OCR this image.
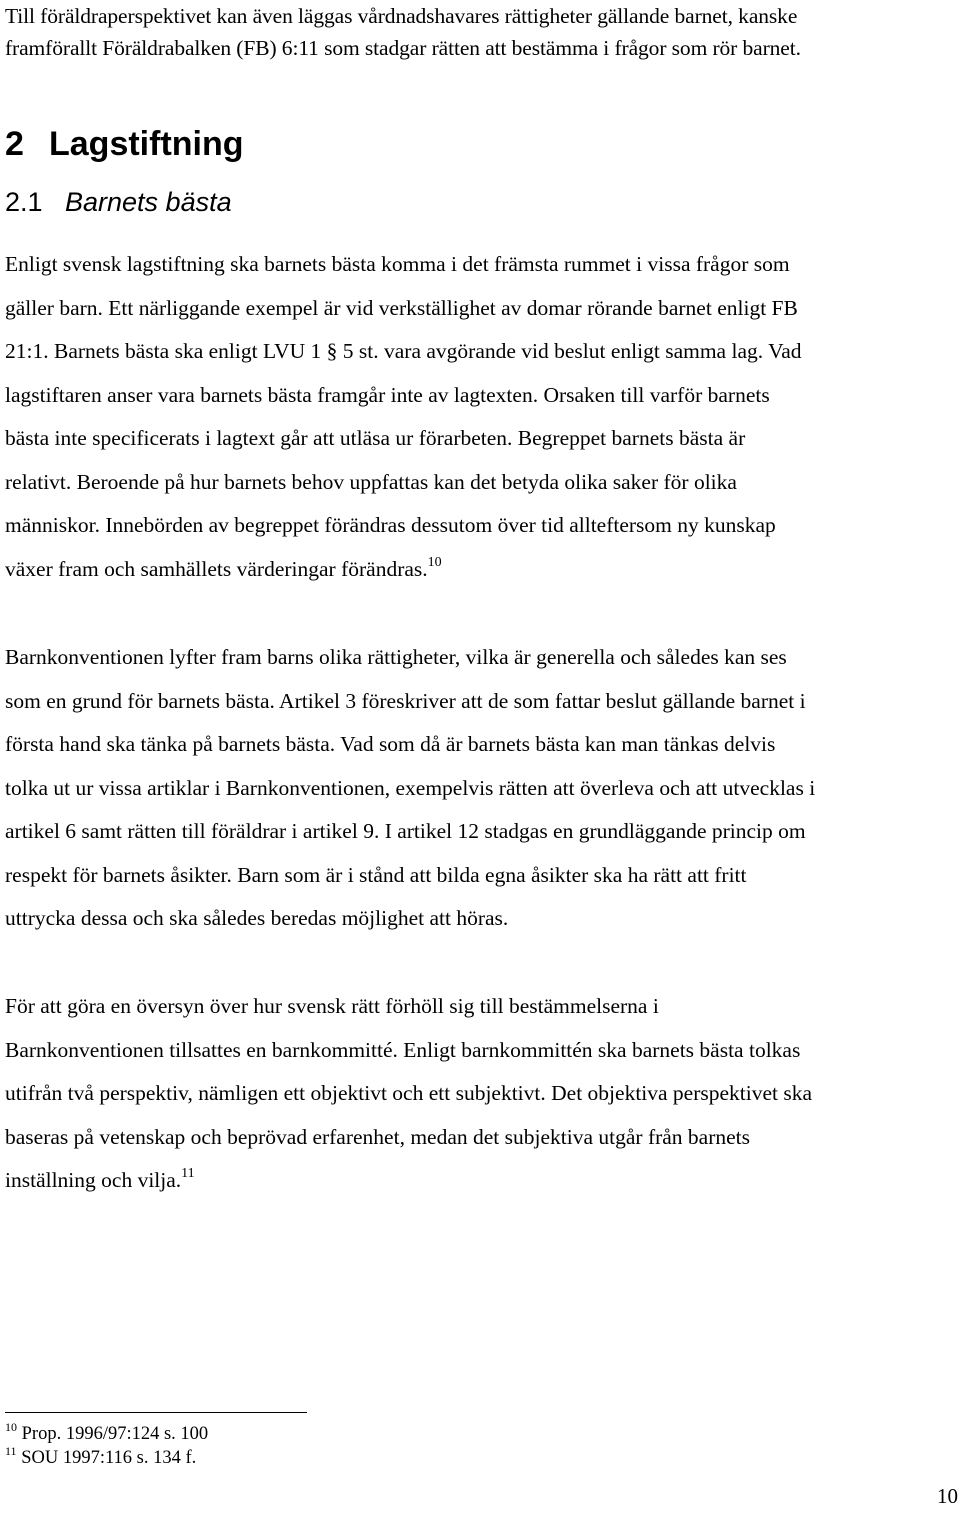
Till föräldraperspektivet kan även läggas vårdnadshavares rättigheter gällande barnet, kanske
framförallt Föräldrabalken (FB) 6:11 som stadgar rätten att bestämma i frågor som rör barnet.

2 Lagstiftning
2.1 Barnets bästa

Enligt svensk lagstiftning ska barnets bästa komma i det främsta rummet i vissa frågor som
gäller barn. Ett närliggande exempel är vid verkställighet av domar rörande barnet enligt FB
21:1. Barnets bästa ska enligt LVU 1 § 5 st. vara avgörande vid beslut enligt samma lag. Vad
lagstiftaren anser vara barnets bästa framgår inte av lagtexten. Orsaken till varför barnets
bästa inte specificerats i lagtext går att utläsa ur förarbeten. Begreppet barnets bästa är
relativt. Beroende på hur barnets behov uppfattas kan det betyda olika saker för olika
människor. Innebörden av begreppet förändras dessutom över tid allteftersom ny kunskap
växer fram och samhällets värderingar förändras.$^{10}$

Barnkonventionen lyfter fram barns olika rättigheter, vilka är generella och således kan ses
som en grund för barnets bästa. Artikel 3 föreskriver att de som fattar beslut gällande barnet i
första hand ska tänka på barnets bästa. Vad som då är barnets bästa kan man tänkas delvis
tolka ut ur vissa artiklar i Barnkonventionen, exempelvis rätten att överleva och att utvecklas i
artikel 6 samt rätten till föräldrar i artikel 9. I artikel 12 stadgas en grundläggande princip om
respekt för barnets åsikter. Barn som är i stånd att bilda egna åsikter ska ha rätt att fritt
uttrycka dessa och ska således beredas möjlighet att höras.

För att göra en översyn över hur svensk rätt förhöll sig till bestämmelserna i
Barnkonventionen tillsattes en barnkommitté. Enligt barnkommittén ska barnets bästa tolkas
utifrån två perspektiv, nämligen ett objektivt och ett subjektivt. Det objektiva perspektivet ska
baseras på vetenskap och beprövad erfarenhet, medan det subjektiva utgår från barnets
inställning och vilja.$^{11}$

$^{10}$ Prop. 1996/97:124 s. 100
$^{11}$ SOU 1997:116 s. 134 f.
10
